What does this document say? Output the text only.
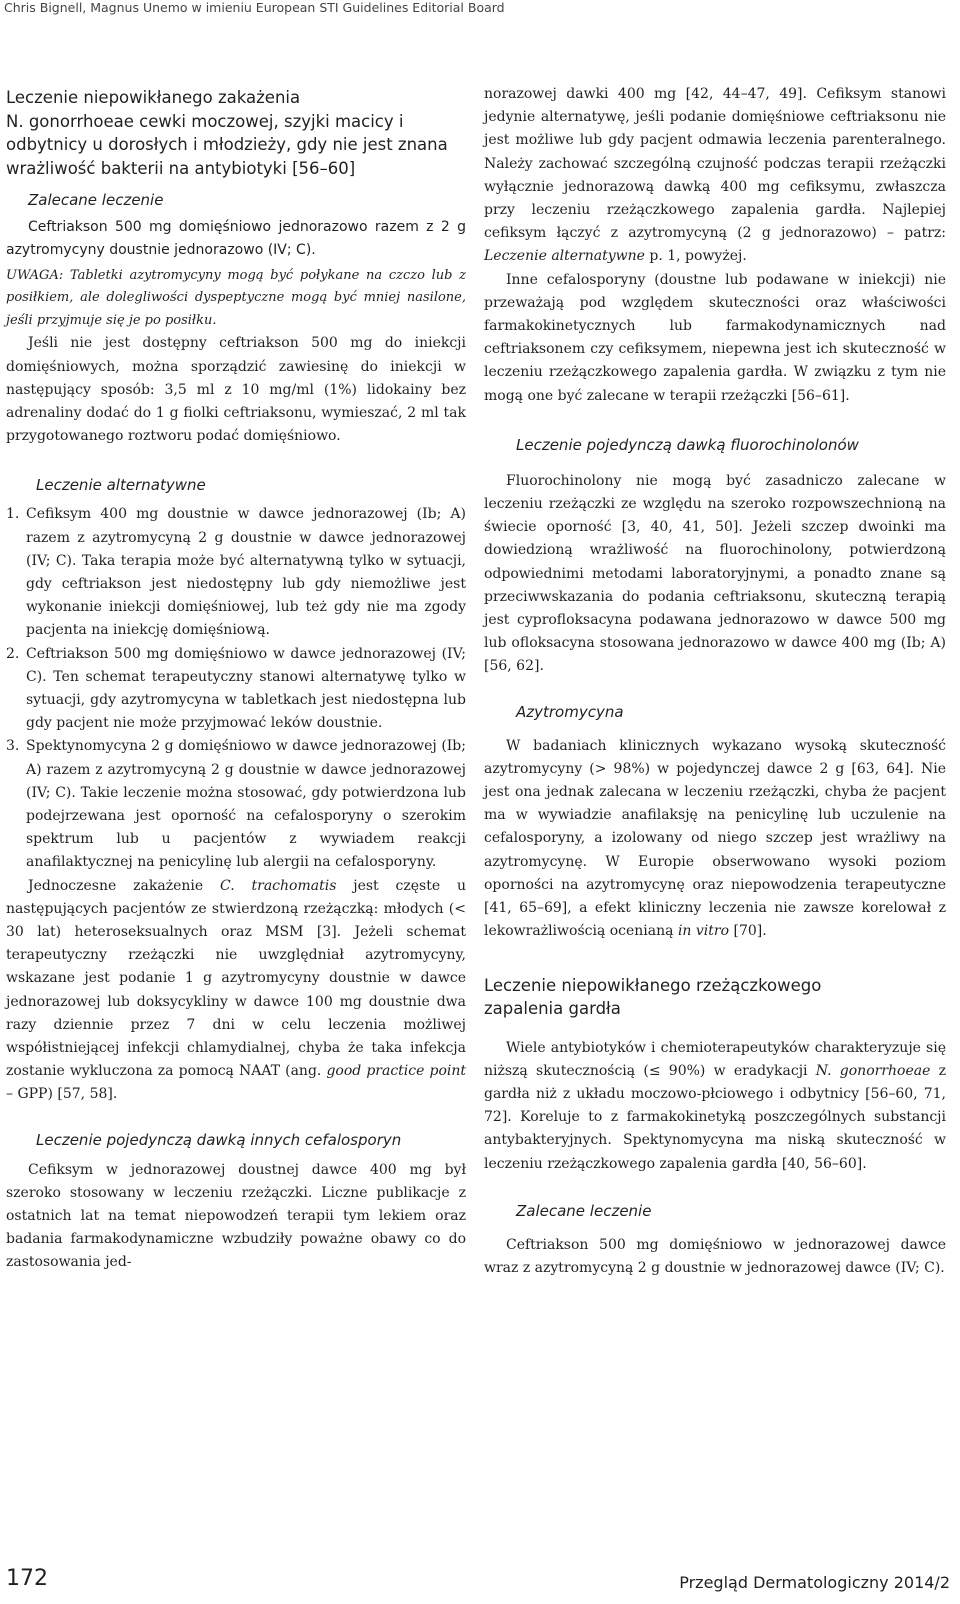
Chris Bignell, Magnus Unemo w imieniu European STI Guidelines Editorial Board
Leczenie niepowikłanego zakażenia
N. gonorrhoeae cewki moczowej, szyjki macicy i odbytnicy u dorosłych i młodzieży, gdy nie jest znana wrażliwość bakterii na antybiotyki [56–60]
Zalecane leczenie

Ceftriakson 500 mg domięśniowo jednorazowo razem z 2 g azytromycyny doustnie jednorazowo (IV; C).

UWAGA: Tabletki azytromycyny mogą być połykane na czczo lub z posiłkiem, ale dolegliwości dyspeptyczne mogą być mniej nasilone, jeśli przyjmuje się je po posiłku.

Jeśli nie jest dostępny ceftriakson 500 mg do iniekcji domięśniowych, można sporządzić zawiesinę do iniekcji w następujący sposób: 3,5 ml z 10 mg/ml (1%) lidokainy bez adrenaliny dodać do 1 g fiolki ceftriaksonu, wymieszać, 2 ml tak przygotowanego roztworu podać domięśniowo.

Leczenie alternatywne
1. Cefiksym 400 mg doustnie w dawce jednorazowej (Ib; A) razem z azytromycyną 2 g doustnie w dawce jednorazowej (IV; C). Taka terapia może być alternatywną tylko w sytuacji, gdy ceftriakson jest niedostępny lub gdy niemożliwe jest wykonanie iniekcji domięśniowej, lub też gdy nie ma zgody pacjenta na iniekcję domięśniową.
2. Ceftriakson 500 mg domięśniowo w dawce jednorazowej (IV; C). Ten schemat terapeutyczny stanowi alternatywę tylko w sytuacji, gdy azytromycyna w tabletkach jest niedostępna lub gdy pacjent nie może przyjmować leków doustnie.
3. Spektynomycyna 2 g domięśniowo w dawce jednorazowej (Ib; A) razem z azytromycyną 2 g doustnie w dawce jednorazowej (IV; C). Takie leczenie można stosować, gdy potwierdzona lub podejrzewana jest oporność na cefalosporyny o szerokim spektrum lub u pacjentów z wywiadem reakcji anafilaktycznej na penicylinę lub alergii na cefalosporyny.

Jednoczesne zakażenie C. trachomatis jest częste u następujących pacjentów ze stwierdzoną rzeżączką: młodych (< 30 lat) heteroseksualnych oraz MSM [3]. Jeżeli schemat terapeutyczny rzeżączki nie uwzględniał azytromycyny, wskazane jest podanie 1 g azytromycyny doustnie w dawce jednorazowej lub doksycykliny w dawce 100 mg doustnie dwa razy dziennie przez 7 dni w celu leczenia możliwej współistniejącej infekcji chlamydialnej, chyba że taka infekcja zostanie wykluczona za pomocą NAAT (ang. good practice point – GPP) [57, 58].

Leczenie pojedynczą dawką innych cefalosporyn

Cefiksym w jednorazowej doustnej dawce 400 mg był szeroko stosowany w leczeniu rzeżączki. Liczne publikacje z ostatnich lat na temat niepowodzeń terapii tym lekiem oraz badania farmakodynamiczne wzbudziły poważne obawy co do zastosowania jed-

norazowej dawki 400 mg [42, 44–47, 49]. Cefiksym stanowi jedynie alternatywę, jeśli podanie domięśniowe ceftriaksonu nie jest możliwe lub gdy pacjent odmawia leczenia parenteralnego. Należy zachować szczególną czujność podczas terapii rzeżączki wyłącznie jednorazową dawką 400 mg cefiksymu, zwłaszcza przy leczeniu rzeżączkowego zapalenia gardła. Najlepiej cefiksym łączyć z azytromycyną (2 g jednorazowo) – patrz: Leczenie alternatywne p. 1, powyżej.

Inne cefalosporyny (doustne lub podawane w iniekcji) nie przeważają pod względem skuteczności oraz właściwości farmakokinetycznych lub farmakodynamicznych nad ceftriaksonem czy cefiksymem, niepewna jest ich skuteczność w leczeniu rzeżączkowego zapalenia gardła. W związku z tym nie mogą one być zalecane w terapii rzeżączki [56–61].

Leczenie pojedynczą dawką fluorochinolonów

Fluorochinolony nie mogą być zasadniczo zalecane w leczeniu rzeżączki ze względu na szeroko rozpowszechnioną na świecie oporność [3, 40, 41, 50]. Jeżeli szczep dwoinki ma dowiedzioną wrażliwość na fluorochinolony, potwierdzoną odpowiednimi metodami laboratoryjnymi, a ponadto znane są przeciwwskazania do podania ceftriaksonu, skuteczną terapią jest cyprofloksacyna podawana jednorazowo w dawce 500 mg lub ofloksacyna stosowana jednorazowo w dawce 400 mg (Ib; A) [56, 62].

Azytromycyna

W badaniach klinicznych wykazano wysoką skuteczność azytromycyny (> 98%) w pojedynczej dawce 2 g [63, 64]. Nie jest ona jednak zalecana w leczeniu rzeżączki, chyba że pacjent ma w wywiadzie anafilaksję na penicylinę lub uczulenie na cefalosporyny, a izolowany od niego szczep jest wrażliwy na azytromycynę. W Europie obserwowano wysoki poziom oporności na azytromycynę oraz niepowodzenia terapeutyczne [41, 65–69], a efekt kliniczny leczenia nie zawsze korelował z lekowrażliwością ocenianą in vitro [70].

Leczenie niepowikłanego rzeżączkowego zapalenia gardła

Wiele antybiotyków i chemioterapeutyków charakteryzuje się niższą skutecznością (≤ 90%) w eradykacji N. gonorrhoeae z gardła niż z układu moczowo-płciowego i odbytnicy [56–60, 71, 72]. Koreluje to z farmakokinetyką poszczególnych substancji antybakteryjnych. Spektynomycyna ma niską skuteczność w leczeniu rzeżączkowego zapalenia gardła [40, 56–60].

Zalecane leczenie

Ceftriakson 500 mg domięśniowo w jednorazowej dawce wraz z azytromycyną 2 g doustnie w jednorazowej dawce (IV; C).

172	Przegląd Dermatologiczny 2014/2
